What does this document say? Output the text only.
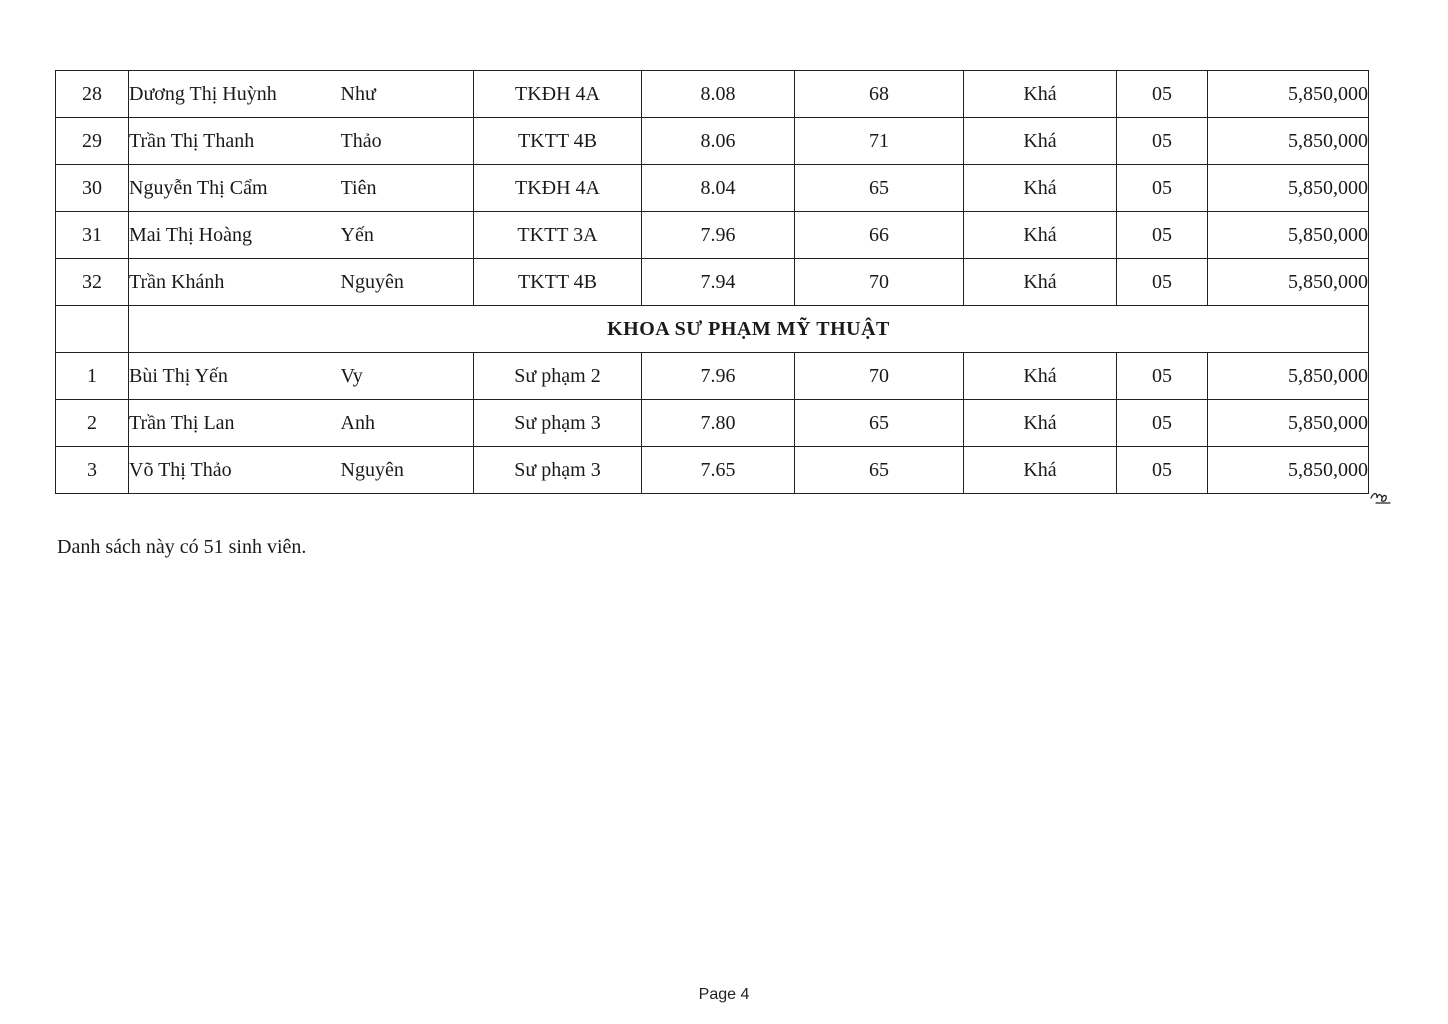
28	Dương Thị Huỳnh	Như	TKĐH 4A	8.08	68	Khá	05	5,850,000
29	Trần Thị Thanh	Thảo	TKTT 4B	8.06	71	Khá	05	5,850,000
30	Nguyễn Thị Cẩm	Tiên	TKĐH 4A	8.04	65	Khá	05	5,850,000
31	Mai Thị Hoàng	Yến	TKTT 3A	7.96	66	Khá	05	5,850,000
32	Trần Khánh	Nguyên	TKTT 4B	7.94	70	Khá	05	5,850,000
	KHOA SƯ PHẠM MỸ THUẬT							
1	Bùi Thị Yến	Vy	Sư phạm 2	7.96	70	Khá	05	5,850,000
2	Trần Thị Lan	Anh	Sư phạm 3	7.80	65	Khá	05	5,850,000
3	Võ Thị Thảo	Nguyên	Sư phạm 3	7.65	65	Khá	05	5,850,000
Danh sách này có 51 sinh viên.
Page 4
